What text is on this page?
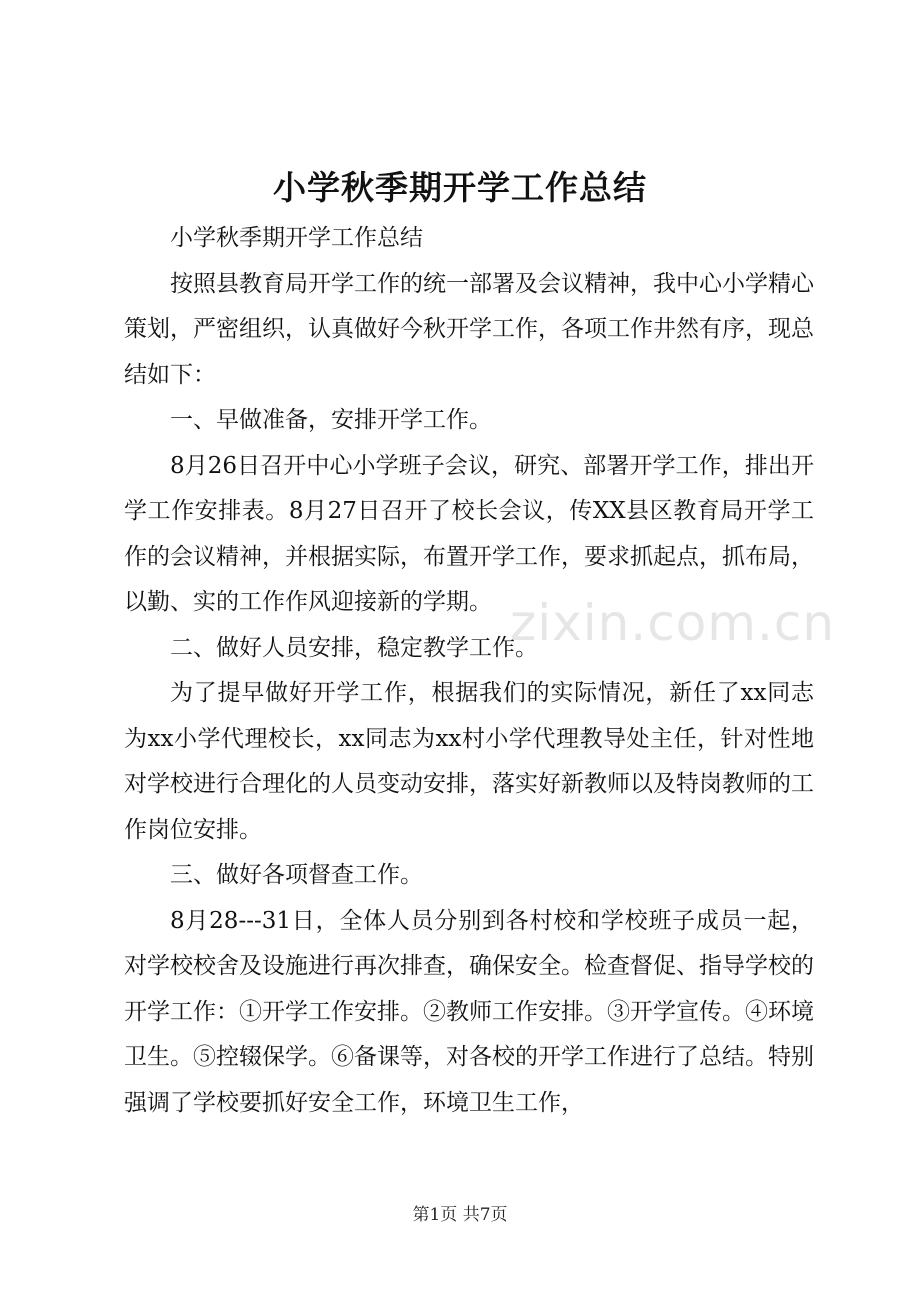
小学秋季期开学工作总结

小学秋季期开学工作总结

按照县教育局开学工作的统一部署及会议精神，我中心小学精心策划，严密组织，认真做好今秋开学工作，各项工作井然有序，现总结如下：

一、早做准备，安排开学工作。

8月26日召开中心小学班子会议，研究、部署开学工作，排出开学工作安排表。8月27日召开了校长会议，传XX县区教育局开学工作的会议精神，并根据实际，布置开学工作，要求抓起点，抓布局，以勤、实的工作作风迎接新的学期。

二、做好人员安排，稳定教学工作。

为了提早做好开学工作，根据我们的实际情况，新任了xx同志为xx小学代理校长，xx同志为xx村小学代理教导处主任，针对性地对学校进行合理化的人员变动安排，落实好新教师以及特岗教师的工作岗位安排。

三、做好各项督查工作。

8月28---31日，全体人员分别到各村校和学校班子成员一起，对学校校舍及设施进行再次排查，确保安全。检查督促、指导学校的开学工作：①开学工作安排。②教师工作安排。③开学宣传。④环境卫生。⑤控辍保学。⑥备课等，对各校的开学工作进行了总结。特别强调了学校要抓好安全工作，环境卫生工作，

zixin.com.cn
第1页 共7页
